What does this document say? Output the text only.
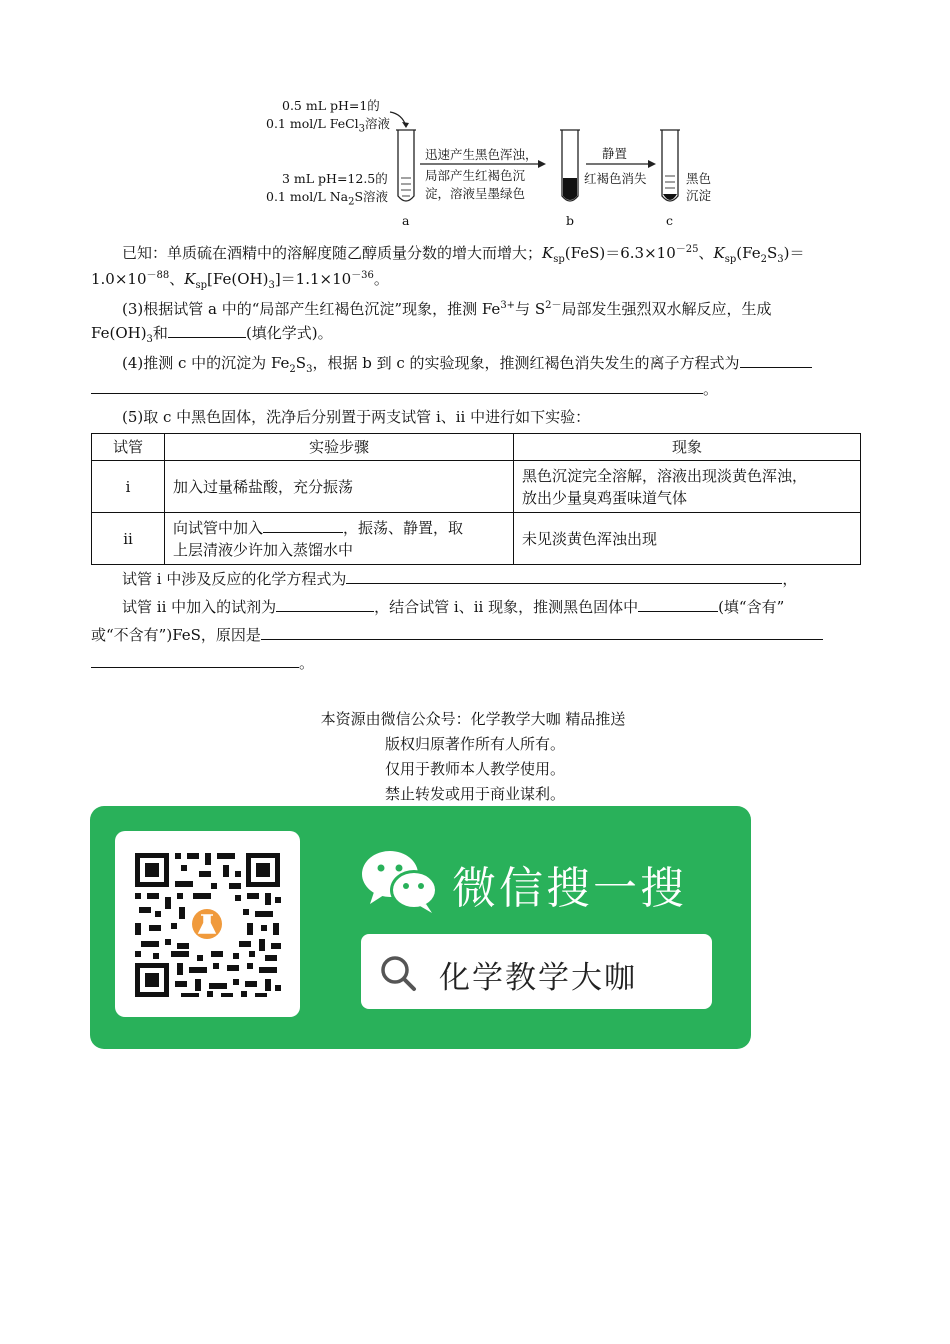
0.5 mL pH=1的
0.1 mol/L FeCl$_3$溶液
3 mL pH=12.5的
0.1 mol/L $Na_2S$溶液
迅速产生黑色浑浊，
局部产生红褐色沉
淀，溶液呈墨绿色
静置
红褐色消失	黑色
沉淀
a	b	c
已知：单质硫在酒精中的溶解度随乙醇质量分数的增大而增大；$K_{sp}(FeS)=6.3\times 10^{-25}$、$K_{sp}(Fe_2S_3)=$
$1.0\times 10^{-88}$、$K_{sp}[Fe(OH)_3]=1.1\times 10^{-36}$。
(3)根据试管 a 中的“局部产生红褐色沉淀”现象，推测 $Fe^{3+}$与 $S^{2-}$局部发生强烈双水解反应，生成
$Fe(OH)_3$和	(填化学式)。
(4)推测 c 中的沉淀为 $Fe_2S_3$，根据 b 到 c 的实验现象，推测红褐色消失发生的离子方程式为
。
(5)取 c 中黑色固体，洗净后分别置于两支试管 i、ii 中进行如下实验：
试管	实验步骤	现象
i	加入过量稀盐酸，充分振荡	黑色沉淀完全溶解，溶液出现淡黄色浑浊，
放出少量臭鸡蛋味道气体

ii	向试管中加入 ，振荡、静置，取
上层清液少许加入蒸馏水中	未见淡黄色浑浊出现
试管 i 中涉及反应的化学方程式为	，
试管 ii 中加入的试剂为	，结合试管 i、ii 现象，推测黑色固体中	(填“含有”
或“不含有”)FeS，原因是
。
本资源由微信公众号：化学教学大咖 精品推送
版权归原著作所有人所有。
仅用于教师本人教学使用。
禁止转发或用于商业谋利。
微信搜一搜
化学教学大咖
